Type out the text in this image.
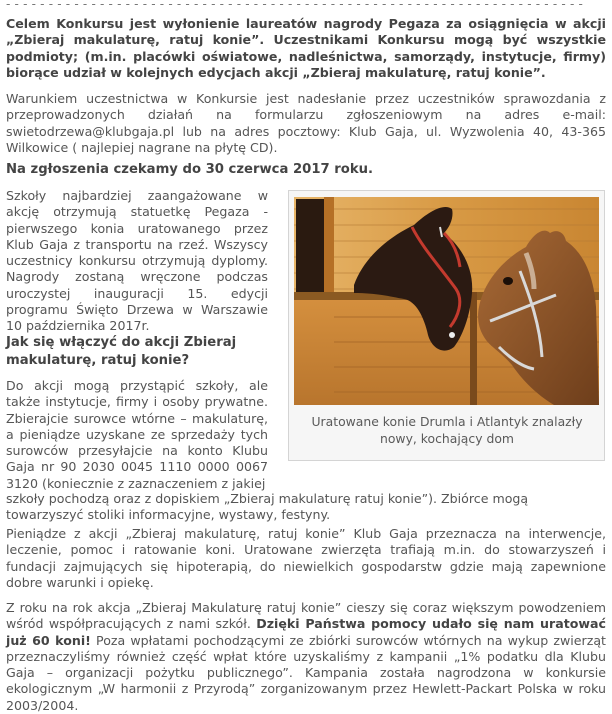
- - - - - - - - - - - - - - - - - - - - - - - - - - - - - - - - - - - - - - - - - - - - - - - - - - - - - - - - - - - - - - - - - - - -

Celem Konkursu jest wyłonienie laureatów nagrody Pegaza za osiągnięcia w akcji „Zbieraj makulaturę, ratuj konie”. Uczestnikami Konkursu mogą być wszystkie podmioty; (m.in. placówki oświatowe, nadleśnictwa, samorządy, instytucje, firmy) biorące udział w kolejnych edycjach akcji „Zbieraj makulaturę, ratuj konie”.

Warunkiem uczestnictwa w Konkursie jest nadesłanie przez uczestników sprawozdania z przeprowadzonych działań na formularzu zgłoszeniowym na adres e-mail: swietodrzewa@klubgaja.pl lub na adres pocztowy: Klub Gaja, ul. Wyzwolenia 40, 43-365 Wilkowice ( najlepiej nagrane na płytę CD).

Na zgłoszenia czekamy do 30 czerwca 2017 roku.

Szkoły najbardziej zaangażowane w akcję otrzymują statuetkę Pegaza - pierwszego konia uratowanego przez Klub Gaja z transportu na rzeź. Wszyscy uczestnicy konkursu otrzymują dyplomy. Nagrody zostaną wręczone podczas uroczystej inauguracji 15. edycji programu Święto Drzewa w Warszawie 10 października 2017r.

Jak się włączyć do akcji Zbieraj makulaturę, ratuj konie?

Do akcji mogą przystąpić szkoły, ale także instytucje, firmy i osoby prywatne. Zbierajcie surowce wtórne – makulaturę, a pieniądze uzyskane ze sprzedaży tych surowców przesyłajcie na konto Klubu Gaja nr 90 2030 0045 1110 0000 0067 3120 (koniecznie z zaznaczeniem z jakiej

szkoły pochodzą oraz z dopiskiem „Zbieraj makulaturę ratuj konie”). Zbiórce mogą towarzyszyć stoliki informacyjne, wystawy, festyny.

Uratowane konie Drumla i Atlantyk znalazły nowy, kochający dom

Pieniądze z akcji „Zbieraj makulaturę, ratuj konie” Klub Gaja przeznacza na interwencje, leczenie, pomoc i ratowanie koni. Uratowane zwierzęta trafiają m.in. do stowarzyszeń i fundacji zajmujących się hipoterapią, do niewielkich gospodarstw gdzie mają zapewnione dobre warunki i opiekę.

Z roku na rok akcja „Zbieraj Makulaturę ratuj konie” cieszy się coraz większym powodzeniem wśród współpracujących z nami szkół. Dzięki Państwa pomocy udało się nam uratować już 60 koni! Poza wpłatami pochodzącymi ze zbiórki surowców wtórnych na wykup zwierząt przeznaczyliśmy również część wpłat które uzyskaliśmy z kampanii „1% podatku dla Klubu Gaja – organizacji pożytku publicznego”. Kampania została nagrodzona w konkursie ekologicznym „W harmonii z Przyrodą” zorganizowanym przez Hewlett-Packart Polska w roku 2003/2004.
